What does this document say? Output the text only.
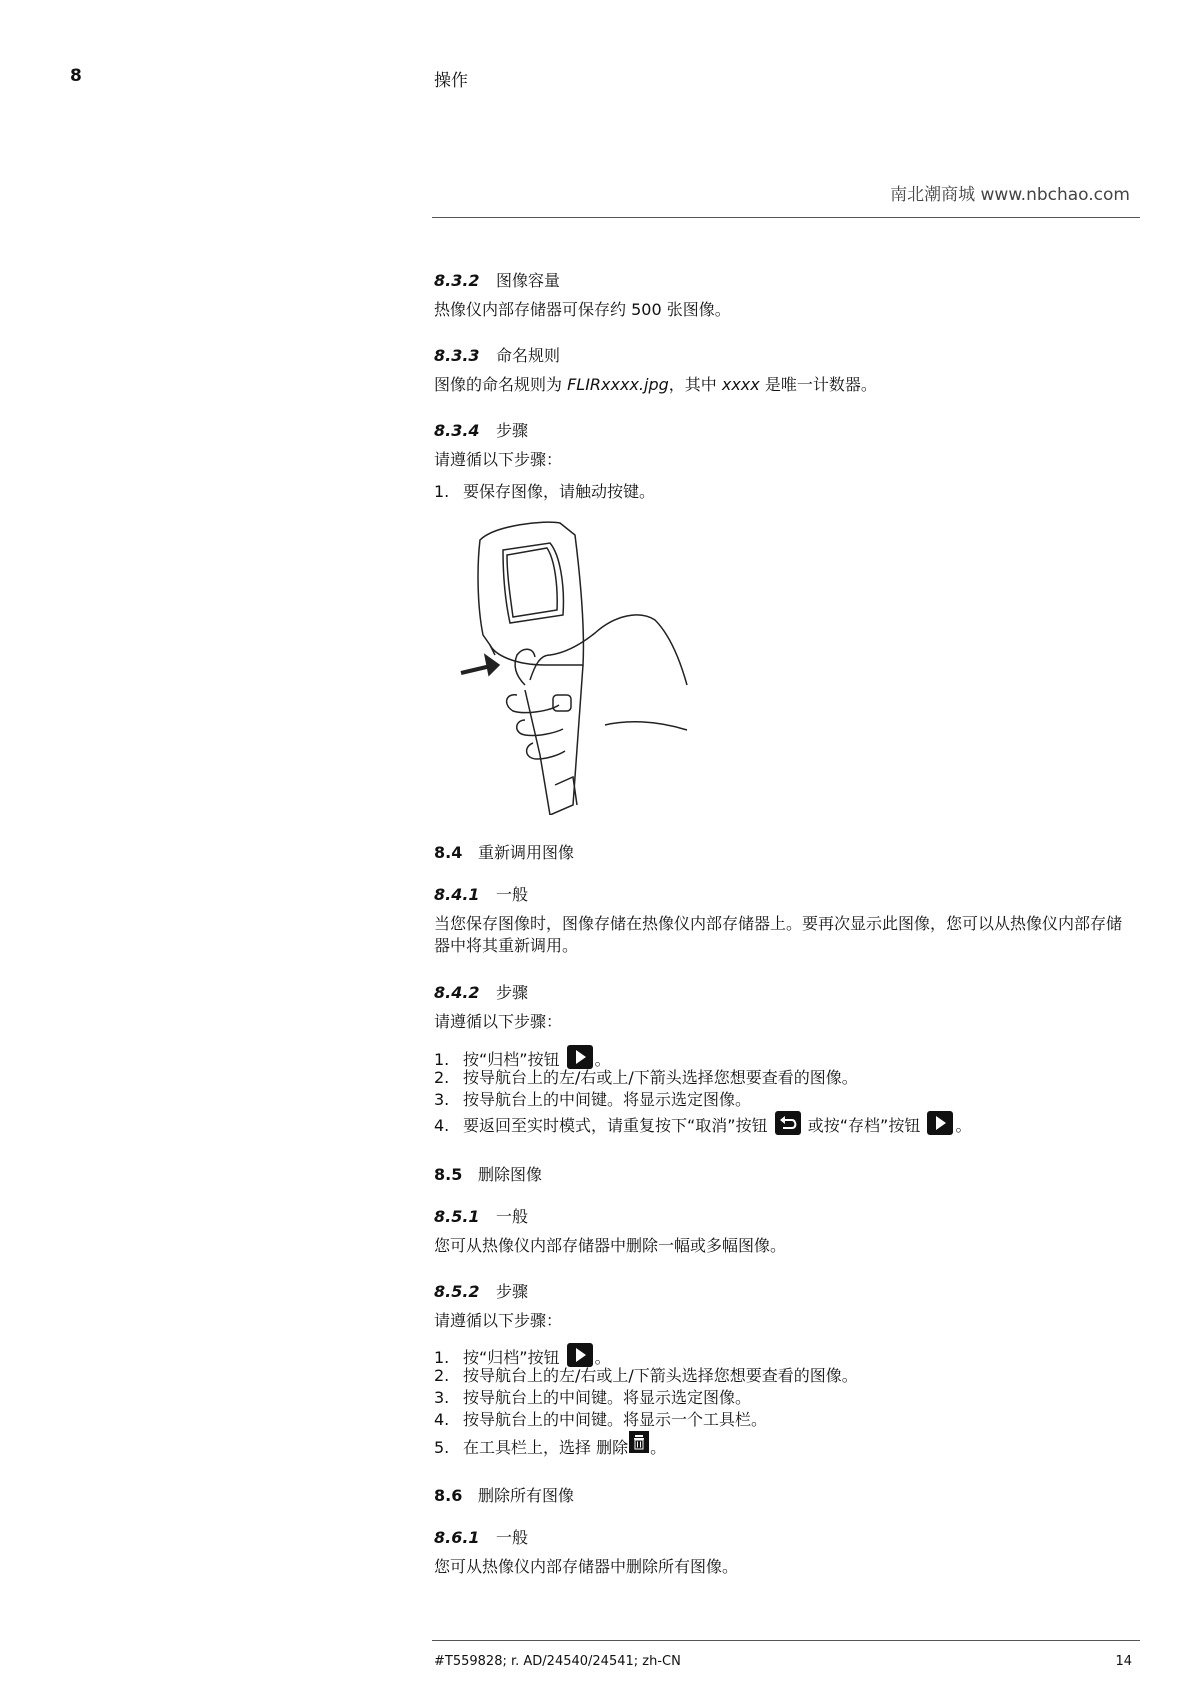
8	操作
南北潮商城 www.nbchao.com
8.3.2 图像容量
热像仪内部存储器可保存约 500 张图像。
8.3.3 命名规则
图像的命名规则为 FLIRxxxx.jpg，其中 xxxx 是唯一计数器。
8.3.4 步骤
请遵循以下步骤：
1. 要保存图像，请触动按键。
8.4 重新调用图像
8.4.1 一般
当您保存图像时，图像存储在热像仪内部存储器上。要再次显示此图像，您可以从热像仪内部存储器中将其重新调用。
8.4.2 步骤
请遵循以下步骤：
1. 按“归档”按钮
。
2. 按导航台上的左/右或上/下箭头选择您想要查看的图像。
3. 按导航台上的中间键。将显示选定图像。
4. 要返回至实时模式，请重复按下“取消”按钮
或按“存档”按钮
。
8.5 删除图像
8.5.1 一般
您可从热像仪内部存储器中删除一幅或多幅图像。
8.5.2 步骤
请遵循以下步骤：
1. 按“归档”按钮
。
2. 按导航台上的左/右或上/下箭头选择您想要查看的图像。
3. 按导航台上的中间键。将显示选定图像。
4. 按导航台上的中间键。将显示一个工具栏。
5. 在工具栏上，选择 删除 。
8.6 删除所有图像
8.6.1 一般
您可从热像仪内部存储器中删除所有图像。
#T559828; r. AD/24540/24541; zh-CN	14
